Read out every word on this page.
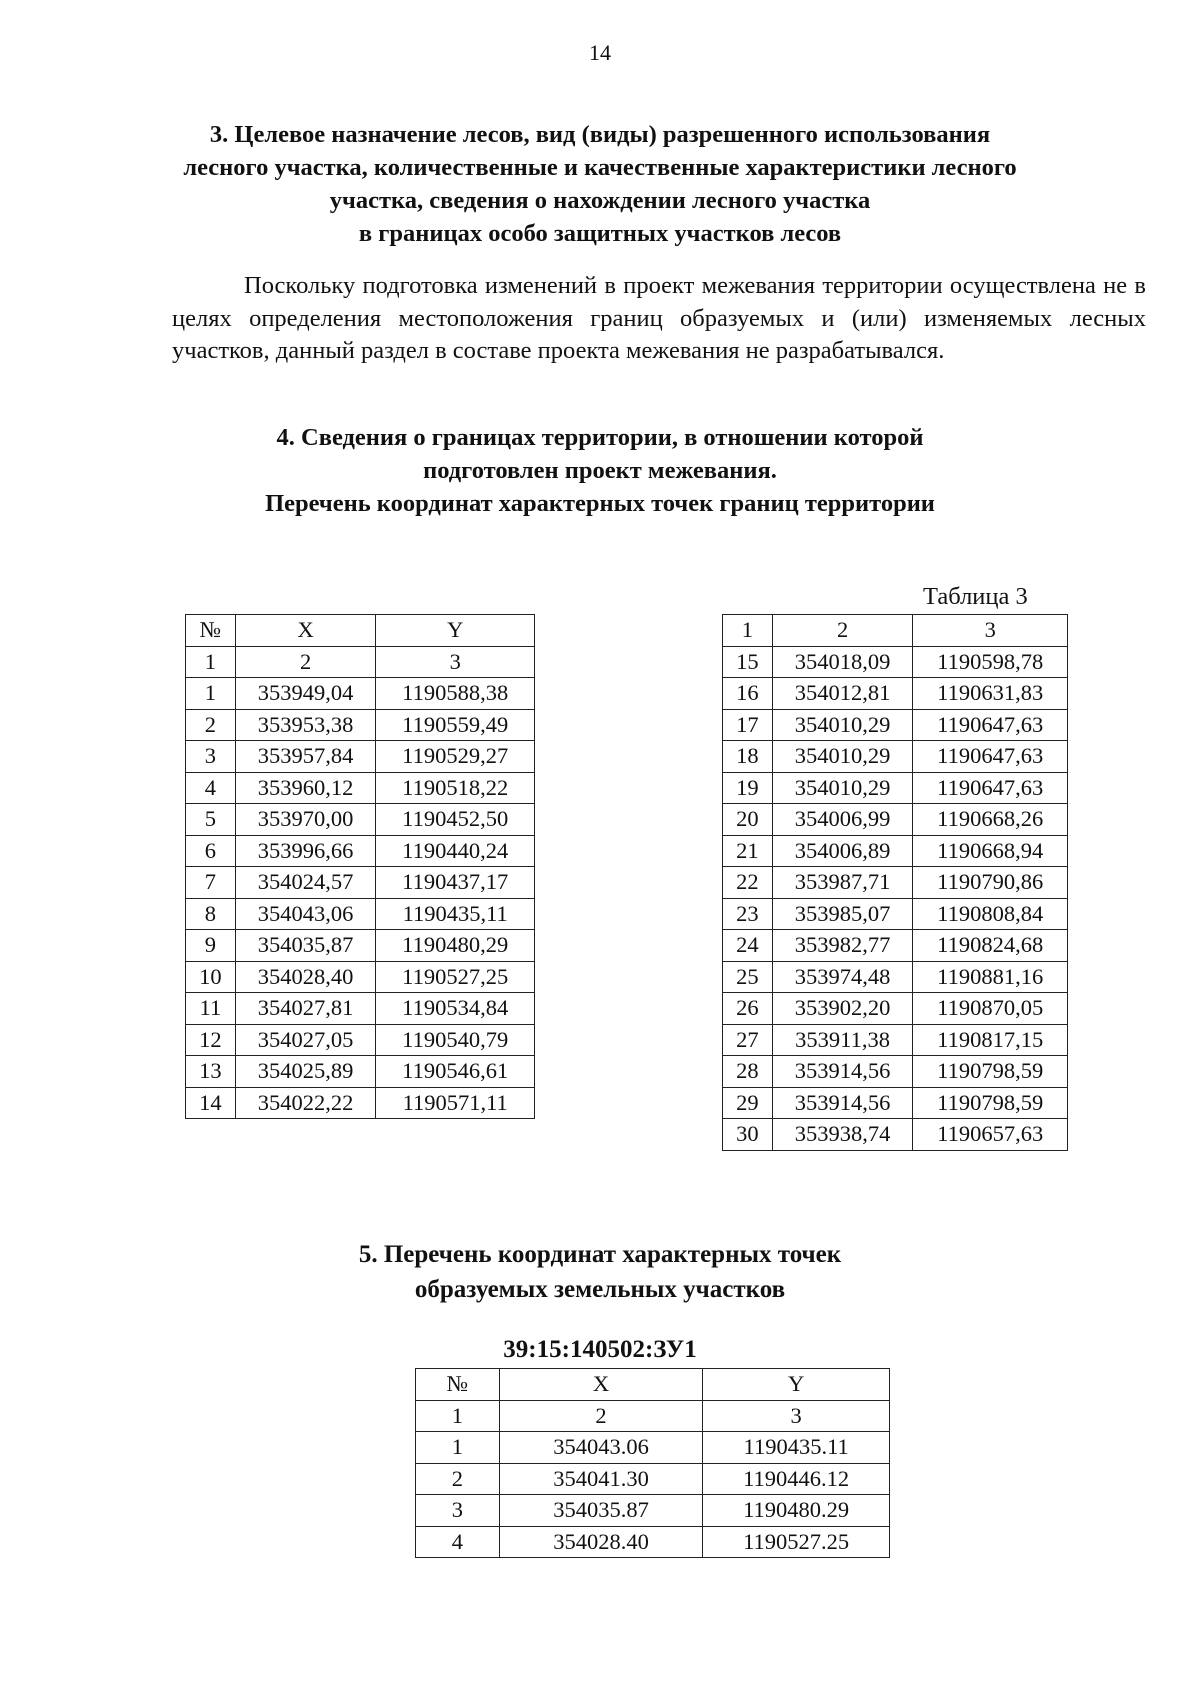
14
3. Целевое назначение лесов, вид (виды) разрешенного использования
лесного участка, количественные и качественные характеристики лесного
участка, сведения о нахождении лесного участка
в границах особо защитных участков лесов
Поскольку подготовка изменений в проект межевания территории осуществлена не в целях определения местоположения границ образуемых и (или) изменяемых лесных участков, данный раздел в составе проекта межевания не разрабатывался.
4. Сведения о границах территории, в отношении которой
подготовлен проект межевания.
Перечень координат характерных точек границ территории
Таблица 3
№	X	Y
1	2	3
1	353949,04	1190588,38
2	353953,38	1190559,49
3	353957,84	1190529,27
4	353960,12	1190518,22
5	353970,00	1190452,50
6	353996,66	1190440,24
7	354024,57	1190437,17
8	354043,06	1190435,11
9	354035,87	1190480,29
10	354028,40	1190527,25
11	354027,81	1190534,84
12	354027,05	1190540,79
13	354025,89	1190546,61
14	354022,22	1190571,11
1	2	3
15	354018,09	1190598,78
16	354012,81	1190631,83
17	354010,29	1190647,63
18	354010,29	1190647,63
19	354010,29	1190647,63
20	354006,99	1190668,26
21	354006,89	1190668,94
22	353987,71	1190790,86
23	353985,07	1190808,84
24	353982,77	1190824,68
25	353974,48	1190881,16
26	353902,20	1190870,05
27	353911,38	1190817,15
28	353914,56	1190798,59
29	353914,56	1190798,59
30	353938,74	1190657,63
5. Перечень координат характерных точек
образуемых земельных участков
39:15:140502:ЗУ1
№	X	Y
1	2	3
1	354043.06	1190435.11
2	354041.30	1190446.12
3	354035.87	1190480.29
4	354028.40	1190527.25
